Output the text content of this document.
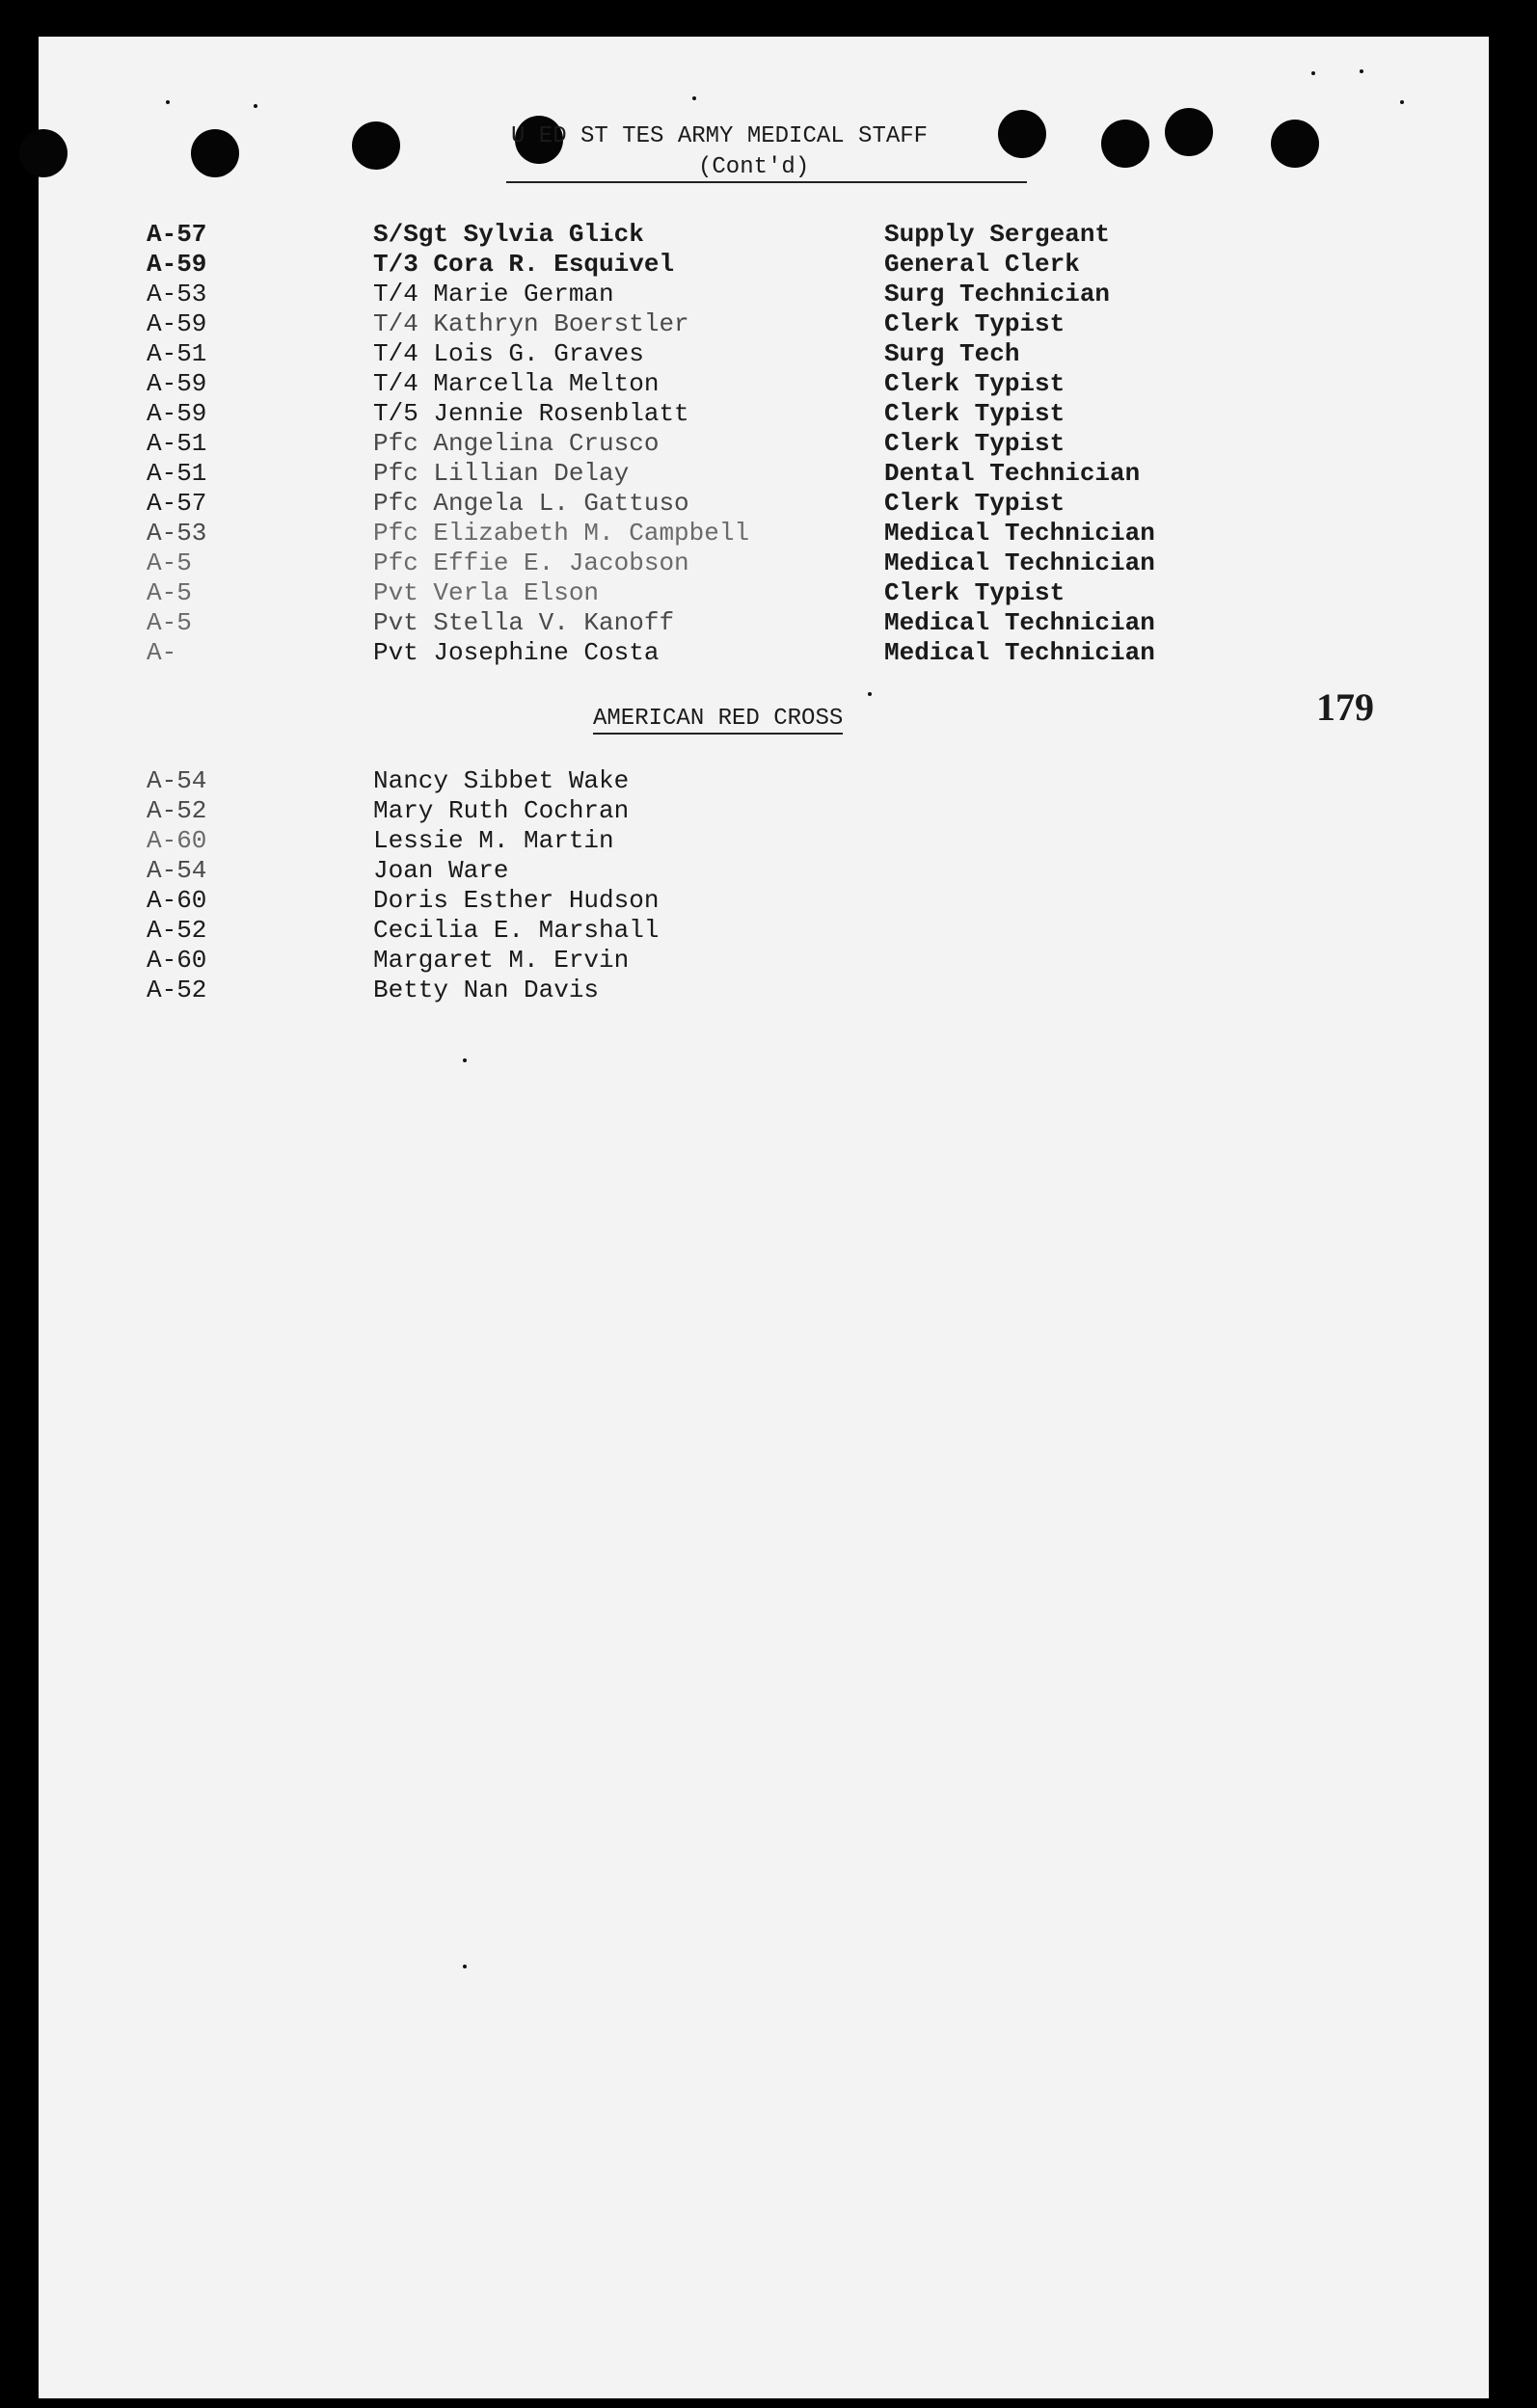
U ED ST TES ARMY MEDICAL STAFF
(Cont'd)
A-57	S/Sgt Sylvia Glick	Supply Sergeant
A-59	T/3 Cora R. Esquivel	General Clerk
A-53	T/4 Marie German	Surg Technician
A-59	T/4 Kathryn Boerstler	Clerk Typist
A-51	T/4 Lois G. Graves	Surg Tech
A-59	T/4 Marcella Melton	Clerk Typist
A-59	T/5 Jennie Rosenblatt	Clerk Typist
A-51	Pfc Angelina Crusco	Clerk Typist
A-51	Pfc Lillian Delay	Dental Technician
A-57	Pfc Angela L. Gattuso	Clerk Typist
A-53	Pfc Elizabeth M. Campbell	Medical Technician
A-5	Pfc Effie E. Jacobson	Medical Technician
A-5	Pvt Verla Elson	Clerk Typist
A-5	Pvt Stella V. Kanoff	Medical Technician
A-	Pvt Josephine Costa	Medical Technician
AMERICAN RED CROSS	179
A-54	Nancy Sibbet Wake
A-52	Mary Ruth Cochran
A-60	Lessie M. Martin
A-54	Joan Ware
A-60	Doris Esther Hudson
A-52	Cecilia E. Marshall
A-60	Margaret M. Ervin
A-52	Betty Nan Davis
